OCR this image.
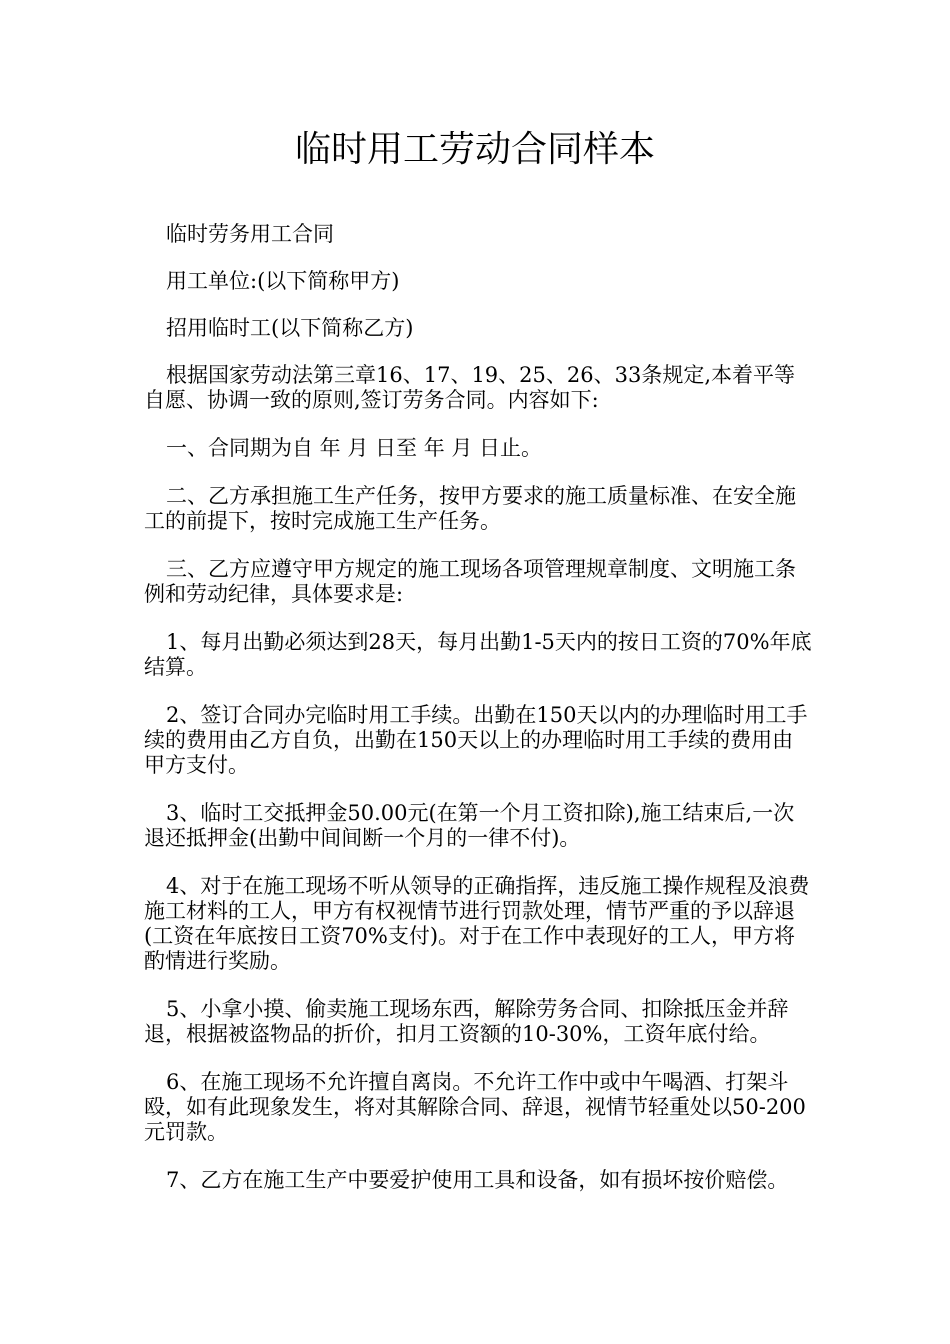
临时用工劳动合同样本

临时劳务用工合同

用工单位:(以下简称甲方)

招用临时工(以下简称乙方)

根据国家劳动法第三章16、17、19、25、26、33条规定,本着平等自愿、协调一致的原则,签订劳务合同。内容如下:

一、合同期为自 年 月 日至 年 月 日止。

二、乙方承担施工生产任务，按甲方要求的施工质量标准、在安全施工的前提下，按时完成施工生产任务。

三、乙方应遵守甲方规定的施工现场各项管理规章制度、文明施工条例和劳动纪律，具体要求是:

1、每月出勤必须达到28天，每月出勤1-5天内的按日工资的70%年底结算。

2、签订合同办完临时用工手续。出勤在150天以内的办理临时用工手续的费用由乙方自负，出勤在150天以上的办理临时用工手续的费用由甲方支付。

3、临时工交抵押金50.00元(在第一个月工资扣除),施工结束后,一次退还抵押金(出勤中间间断一个月的一律不付)。

4、对于在施工现场不听从领导的正确指挥，违反施工操作规程及浪费施工材料的工人，甲方有权视情节进行罚款处理，情节严重的予以辞退(工资在年底按日工资70%支付)。对于在工作中表现好的工人，甲方将酌情进行奖励。

5、小拿小摸、偷卖施工现场东西，解除劳务合同、扣除抵压金并辞退，根据被盗物品的折价，扣月工资额的10-30%，工资年底付给。

6、在施工现场不允许擅自离岗。不允许工作中或中午喝酒、打架斗殴，如有此现象发生，将对其解除合同、辞退，视情节轻重处以50-200元罚款。

7、乙方在施工生产中要爱护使用工具和设备，如有损坏按价赔偿。
